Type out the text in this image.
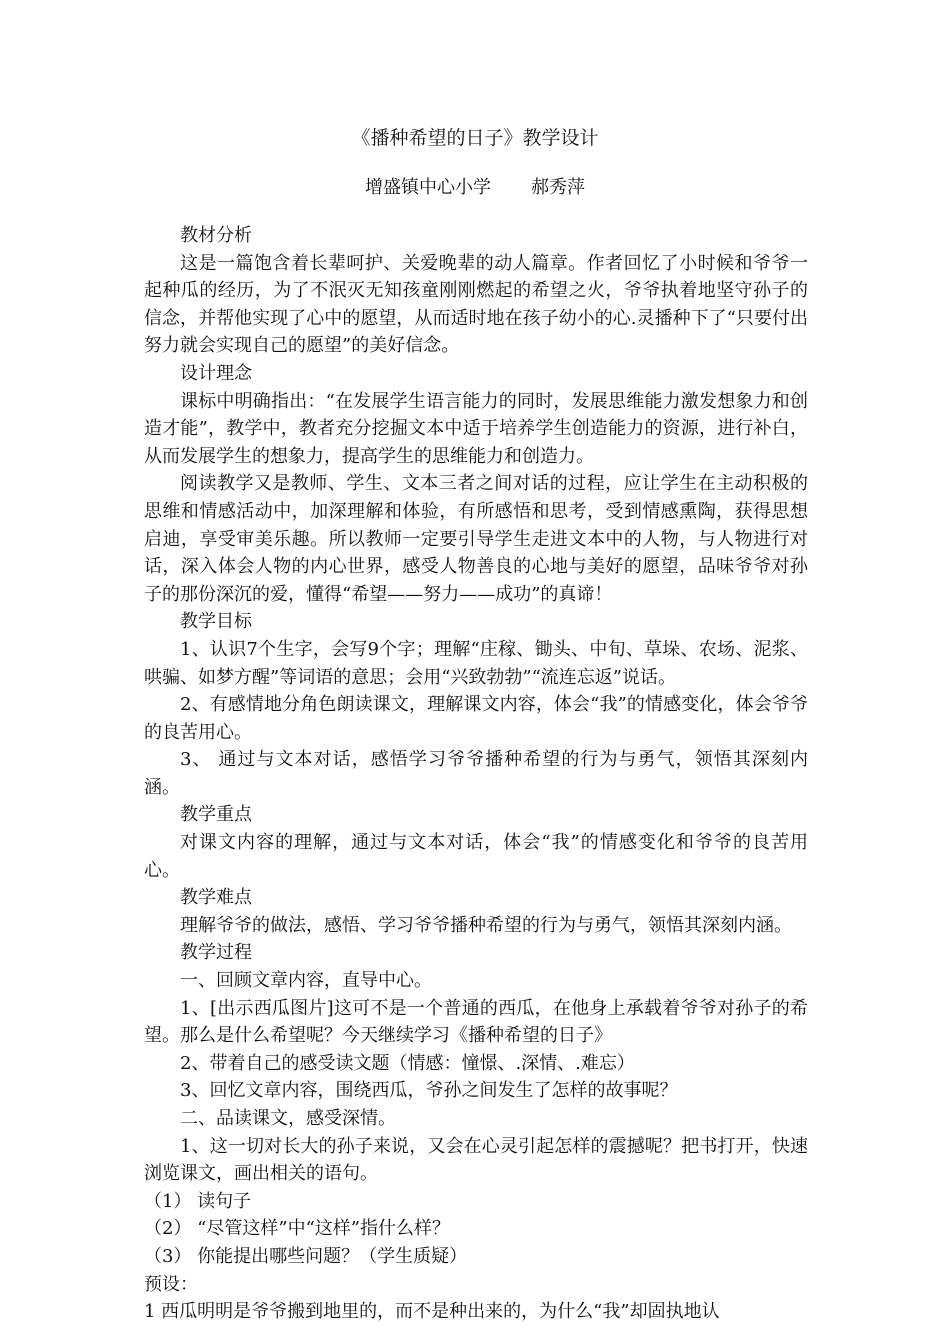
《播种希望的日子》教学设计
增盛镇中心小学       郝秀萍

教材分析

这是一篇饱含着长辈呵护、关爱晚辈的动人篇章。作者回忆了小时候和爷爷一起种瓜的经历，为了不泯灭无知孩童刚刚燃起的希望之火，爷爷执着地坚守孙子的信念，并帮他实现了心中的愿望，从而适时地在孩子幼小的心.灵播种下了“只要付出努力就会实现自己的愿望”的美好信念。

设计理念

课标中明确指出：“在发展学生语言能力的同时，发展思维能力激发想象力和创造才能”，教学中，教者充分挖掘文本中适于培养学生创造能力的资源，进行补白，从而发展学生的想象力，提高学生的思维能力和创造力。

阅读教学又是教师、学生、文本三者之间对话的过程，应让学生在主动积极的思维和情感活动中，加深理解和体验，有所感悟和思考，受到情感熏陶，获得思想启迪，享受审美乐趣。所以教师一定要引导学生走进文本中的人物，与人物进行对话，深入体会人物的内心世界，感受人物善良的心地与美好的愿望，品味爷爷对孙子的那份深沉的爱，懂得“希望——努力——成功”的真谛！

教学目标

1、认识7个生字，会写9个字；理解“庄稼、锄头、中旬、草垛、农场、泥浆、哄骗、如梦方醒”等词语的意思；会用“兴致勃勃”“流连忘返”说话。

2、有感情地分角色朗读课文，理解课文内容，体会“我”的情感变化，体会爷爷的良苦用心。

3、 通过与文本对话，感悟学习爷爷播种希望的行为与勇气，领悟其深刻内涵。

教学重点

对课文内容的理解，通过与文本对话，体会“我”的情感变化和爷爷的良苦用心。

教学难点

理解爷爷的做法，感悟、学习爷爷播种希望的行为与勇气，领悟其深刻内涵。

教学过程

一、回顾文章内容，直导中心。

1、[出示西瓜图片]这可不是一个普通的西瓜，在他身上承载着爷爷对孙子的希望。那么是什么希望呢？今天继续学习《播种希望的日子》

2、带着自己的感受读文题（情感：憧憬、.深情、.难忘）

3、回忆文章内容，围绕西瓜，爷孙之间发生了怎样的故事呢？

二、品读课文，感受深情。

1、这一切对长大的孙子来说，又会在心灵引起怎样的震撼呢？把书打开，快速浏览课文，画出相关的语句。

（1） 读句子

（2） “尽管这样”中“这样”指什么样？

（3） 你能提出哪些问题？（学生质疑）

预设：

1 西瓜明明是爷爷搬到地里的，而不是种出来的，为什么“我”却固执地认
